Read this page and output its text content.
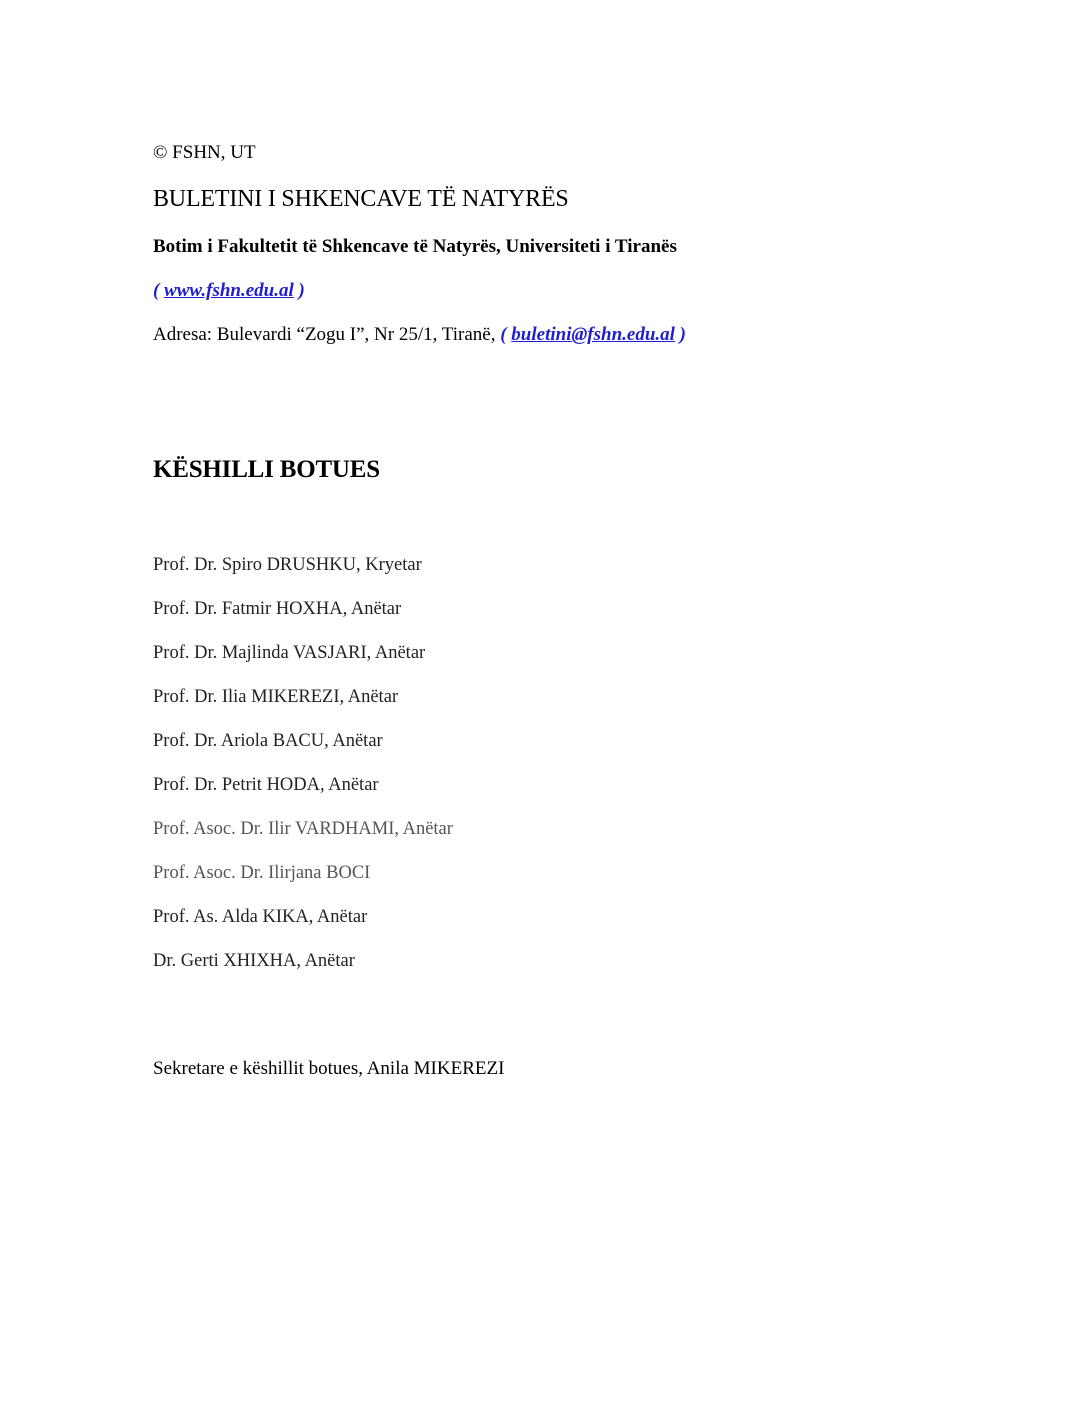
© FSHN, UT
BULETINI I SHKENCAVE TË NATYRËS
Botim i Fakultetit të Shkencave të Natyrës, Universiteti i Tiranës
( www.fshn.edu.al )
Adresa: Bulevardi “Zogu I”, Nr 25/1, Tiranë, ( buletini@fshn.edu.al )
KËSHILLI BOTUES
Prof. Dr. Spiro DRUSHKU, Kryetar
Prof. Dr. Fatmir HOXHA, Anëtar
Prof. Dr. Majlinda VASJARI, Anëtar
Prof. Dr. Ilia MIKEREZI, Anëtar
Prof. Dr. Ariola BACU, Anëtar
Prof. Dr. Petrit HODA, Anëtar
Prof. Asoc. Dr. Ilir VARDHAMI, Anëtar
Prof. Asoc. Dr. Ilirjana BOCI
Prof. As. Alda KIKA, Anëtar
Dr. Gerti XHIXHA, Anëtar
Sekretare e këshillit botues, Anila MIKEREZI
